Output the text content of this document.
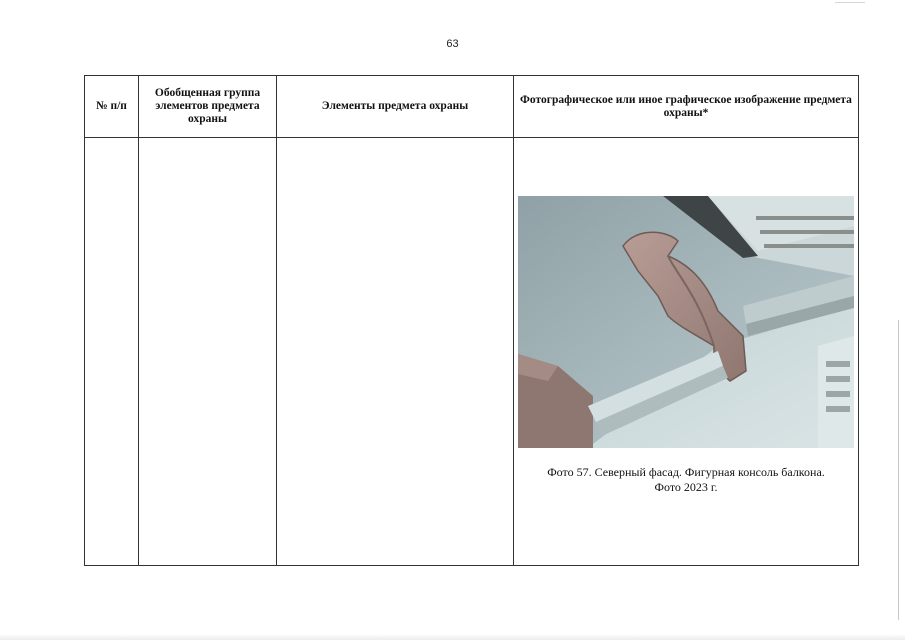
63
№ п/п	Обобщенная группа элементов предмета охраны	Элементы предмета охраны	Фотографическое или иное графическое изображение предмета охраны*

			Фото 57. Северный фасад. Фигурная консоль балкона.
Фото 2023 г.
